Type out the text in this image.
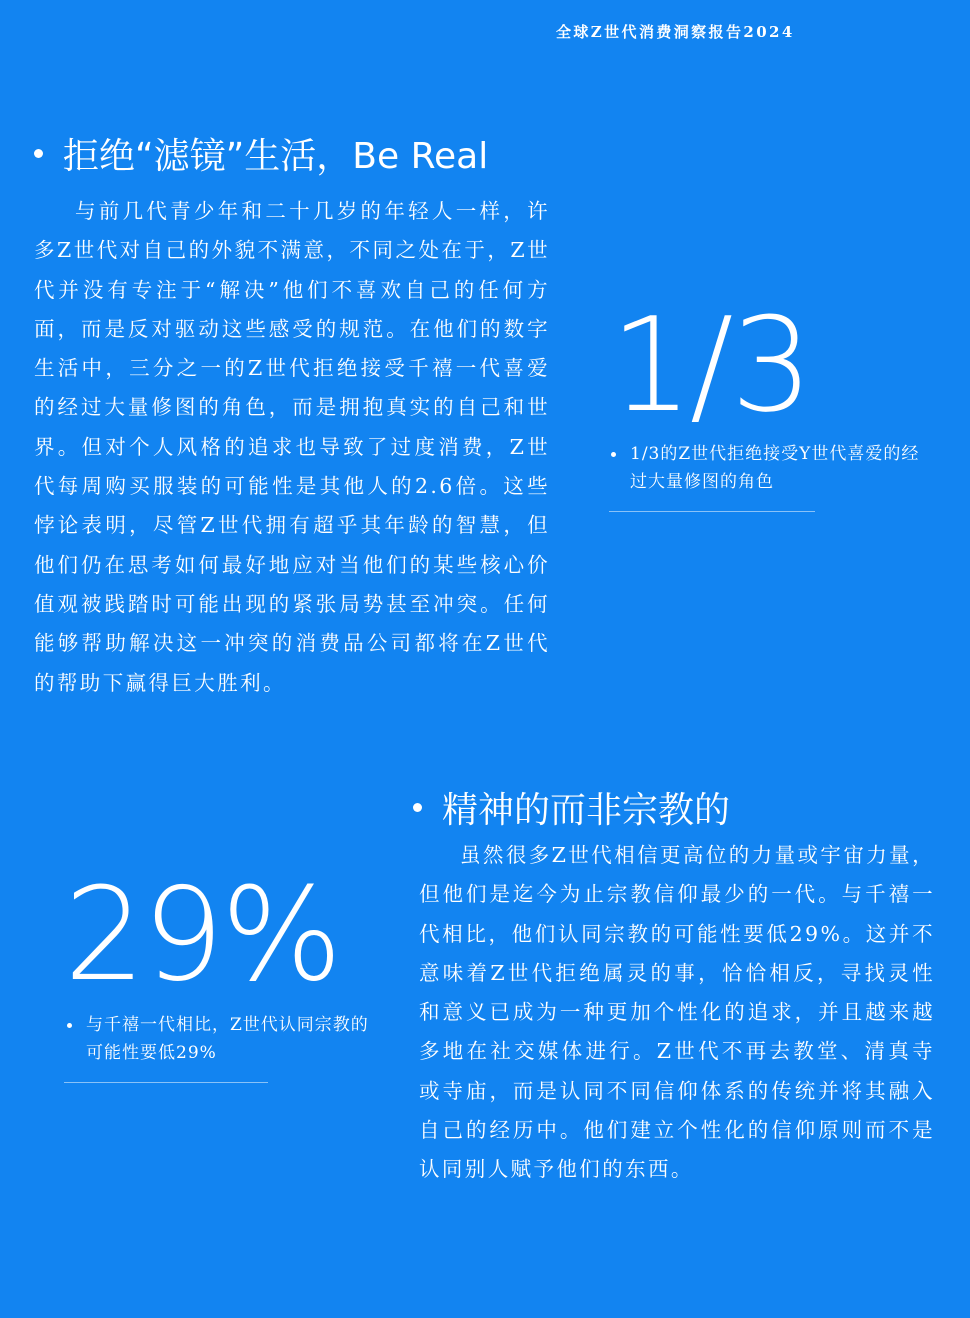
全球Z世代消费洞察报告2024
拒绝“滤镜”生活，Be Real

与前几代青少年和二十几岁的年轻人一样，许多Z世代对自己的外貌不满意，不同之处在于，Z世代并没有专注于“解决”他们不喜欢自己的任何方面，而是反对驱动这些感受的规范。在他们的数字生活中，三分之一的Z世代拒绝接受千禧一代喜爱的经过大量修图的角色，而是拥抱真实的自己和世界。但对个人风格的追求也导致了过度消费，Z世代每周购买服装的可能性是其他人的2.6倍。这些悖论表明，尽管Z世代拥有超乎其年龄的智慧，但他们仍在思考如何最好地应对当他们的某些核心价值观被践踏时可能出现的紧张局势甚至冲突。任何能够帮助解决这一冲突的消费品公司都将在Z世代的帮助下赢得巨大胜利。

1/3
1/3的Z世代拒绝接受Y世代喜爱的经过大量修图的角色
精神的而非宗教的

虽然很多Z世代相信更高位的力量或宇宙力量，但他们是迄今为止宗教信仰最少的一代。与千禧一代相比，他们认同宗教的可能性要低29%。这并不意味着Z世代拒绝属灵的事，恰恰相反，寻找灵性和意义已成为一种更加个性化的追求，并且越来越多地在社交媒体进行。Z世代不再去教堂、清真寺或寺庙，而是认同不同信仰体系的传统并将其融入自己的经历中。他们建立个性化的信仰原则而不是认同别人赋予他们的东西。

29%
与千禧一代相比，Z世代认同宗教的可能性要低29%
